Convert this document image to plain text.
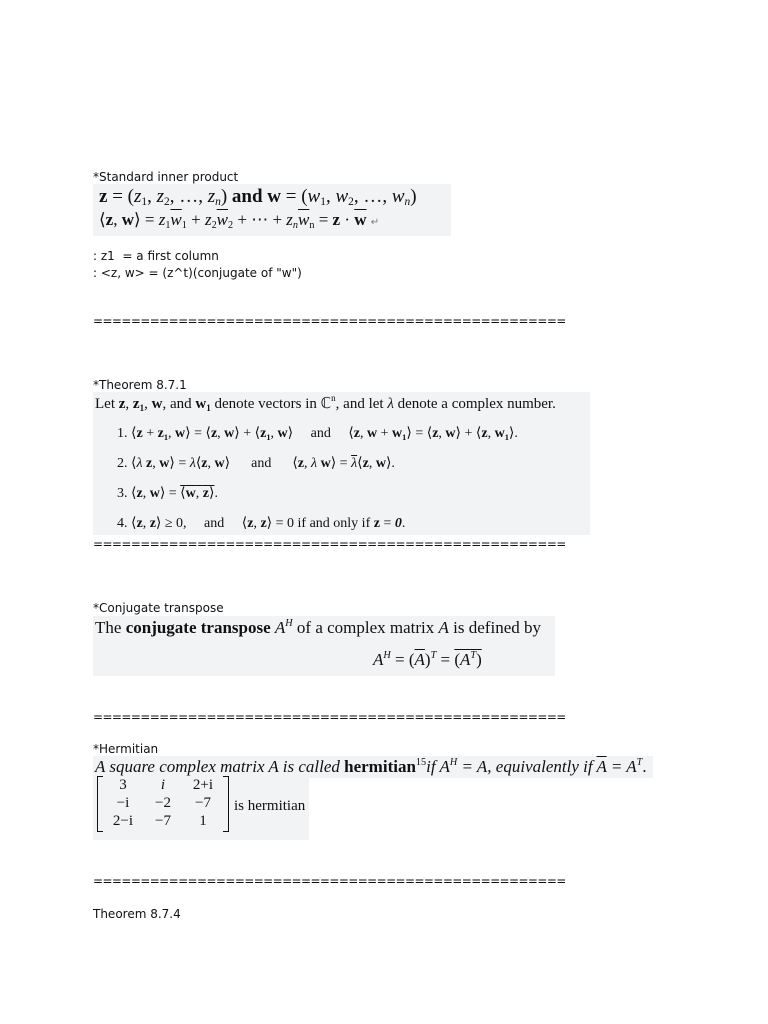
*Standard inner product
$z = (z_1$, $z_2$, …, $z_n$) and $w = (w_1$, $w_2$, …, $w_n$)
⟨z, w⟩ = $z_1\overline{w}_1 + z_2\overline{w}_2$ + ⋯ + $z_n\overline{w}_n = z \cdot \overline{w}$ ↵
: z1  = a first column
: <z, w> = (z^t)(conjugate of "w")
==================================================
*Theorem 8.7.1
Let z, $z_1$, w, and $w_1$ denote vectors in ℂ$^n$, and let λ denote a complex number.
1. ⟨z + $z_1$, w⟩ = ⟨z, w⟩ + $⟨z_1$, w⟩     and     ⟨z, $w + w_1⟩$ = ⟨z, w⟩ + ⟨z, $w_1⟩$.
2. ⟨λ z, w⟩ = λ⟨z, w⟩      and      ⟨z, λ w⟩ = $\overline{\lambda}⟨z$, w⟩.
3. ⟨z, w⟩ = ⟨w, z⟩.
4. ⟨z, z⟩ ≥ 0,     and     ⟨z, z⟩ = 0 if and only if z = 0.
==================================================
*Conjugate transpose
The conjugate transpose $A^H$ of a complex matrix A is defined by
$A^H = (\overline{A})^T = (A^T)$
==================================================
*Hermitian
A square complex matrix A is called hermitian$^{15}$if $A^H = A$, equivalently if $\overline{A} = A^T$.
3	i	2+i
−i	−2	−7
2−i	−7	1
is hermitian
==================================================
Theorem 8.7.4
